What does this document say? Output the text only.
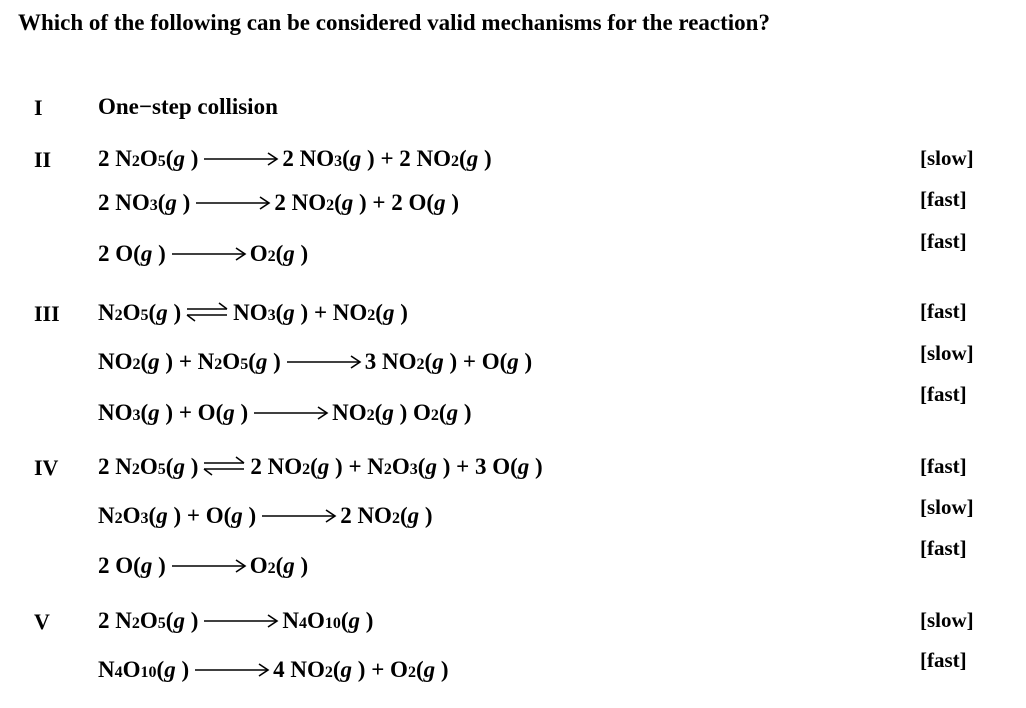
Which of the following can be considered valid mechanisms for the reaction?
I One−step collision
II 2 N 2 O 5 ( g ) → 2 NO 3 ( g ) + 2 NO 2 ( g )
2 NO 3 ( g ) → 2 NO 2 ( g ) + 2 O( g )
2 O( g ) → O 2 ( g )
[slow]
[fast]
[fast]
III N 2 O 5 ( g ) ⇌ NO 3 ( g ) + NO 2 ( g )
NO 2 ( g ) + N 2 O 5 ( g ) → 3 NO 2 ( g ) + O( g )
NO 3 ( g ) + O( g ) → NO 2 ( g ) O 2 ( g )
[fast]
[slow]
[fast]
IV 2 N 2 O 5 ( g ) ⇌ 2 NO 2 ( g ) + N 2 O 3 ( g ) + 3 O( g )
N 2 O 3 ( g ) + O( g ) → 2 NO 2 ( g )
2 O( g ) → O 2 ( g )
[fast]
[slow]
[fast]
V 2 N 2 O 5 ( g ) → N 4 O 10 ( g )
N 4 O 10 ( g ) → 4 NO 2 ( g ) + O 2 ( g )
[slow]
[fast]
